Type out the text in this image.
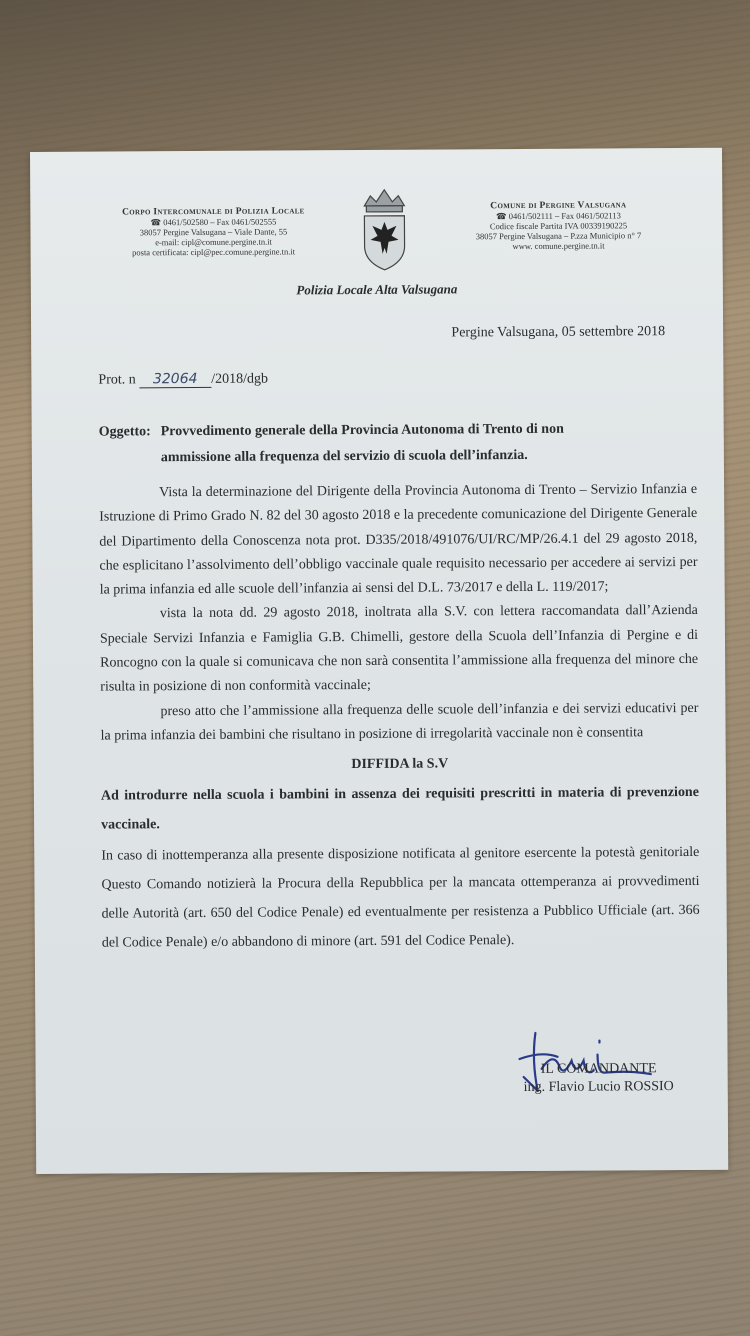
Corpo Intercomunale di Polizia Locale
☎ 0461/502580 – Fax 0461/502555
38057 Pergine Valsugana – Viale Dante, 55
e-mail: cipl@comune.pergine.tn.it
posta certificata: cipl@pec.comune.pergine.tn.it
Comune di Pergine Valsugana
☎ 0461/502111 – Fax 0461/502113
Codice fiscale Partita IVA 00339190225
38057 Pergine Valsugana – P.zza Municipio n° 7
www. comune.pergine.tn.it
Polizia Locale Alta Valsugana
Pergine Valsugana, 05 settembre 2018
Prot. n 32064 /2018/dgb
Oggetto: Provvedimento generale della Provincia Autonoma di Trento di non
ammissione alla frequenza del servizio di scuola dell’infanzia.

Vista la determinazione del Dirigente della Provincia Autonoma di Trento – Servizio Infanzia e Istruzione di Primo Grado N. 82 del 30 agosto 2018 e la precedente comunicazione del Dirigente Generale del Dipartimento della Conoscenza nota prot. D335/2018/491076/UI/RC/MP/26.4.1 del 29 agosto 2018, che esplicitano l’assolvimento dell’obbligo vaccinale quale requisito necessario per accedere ai servizi per la prima infanzia ed alle scuole dell’infanzia ai sensi del D.L. 73/2017 e della L. 119/2017;

vista la nota dd. 29 agosto 2018, inoltrata alla S.V. con lettera raccomandata dall’Azienda Speciale Servizi Infanzia e Famiglia G.B. Chimelli, gestore della Scuola dell’Infanzia di Pergine e di Roncogno con la quale si comunicava che non sarà consentita l’ammissione alla frequenza del minore che risulta in posizione di non conformità vaccinale;

preso atto che l’ammissione alla frequenza delle scuole dell’infanzia e dei servizi educativi per la prima infanzia dei bambini che risultano in posizione di irregolarità vaccinale non è consentita

DIFFIDA la S.V

Ad introdurre nella scuola i bambini in assenza dei requisiti prescritti in materia di prevenzione vaccinale.

In caso di inottemperanza alla presente disposizione notificata al genitore esercente la potestà genitoriale Questo Comando notizierà la Procura della Repubblica per la mancata ottemperanza ai provvedimenti delle Autorità (art. 650 del Codice Penale) ed eventualmente per resistenza a Pubblico Ufficiale (art. 366 del Codice Penale) e/o abbandono di minore (art. 591 del Codice Penale).

IL COMANDANTE
ing. Flavio Lucio ROSSIO
